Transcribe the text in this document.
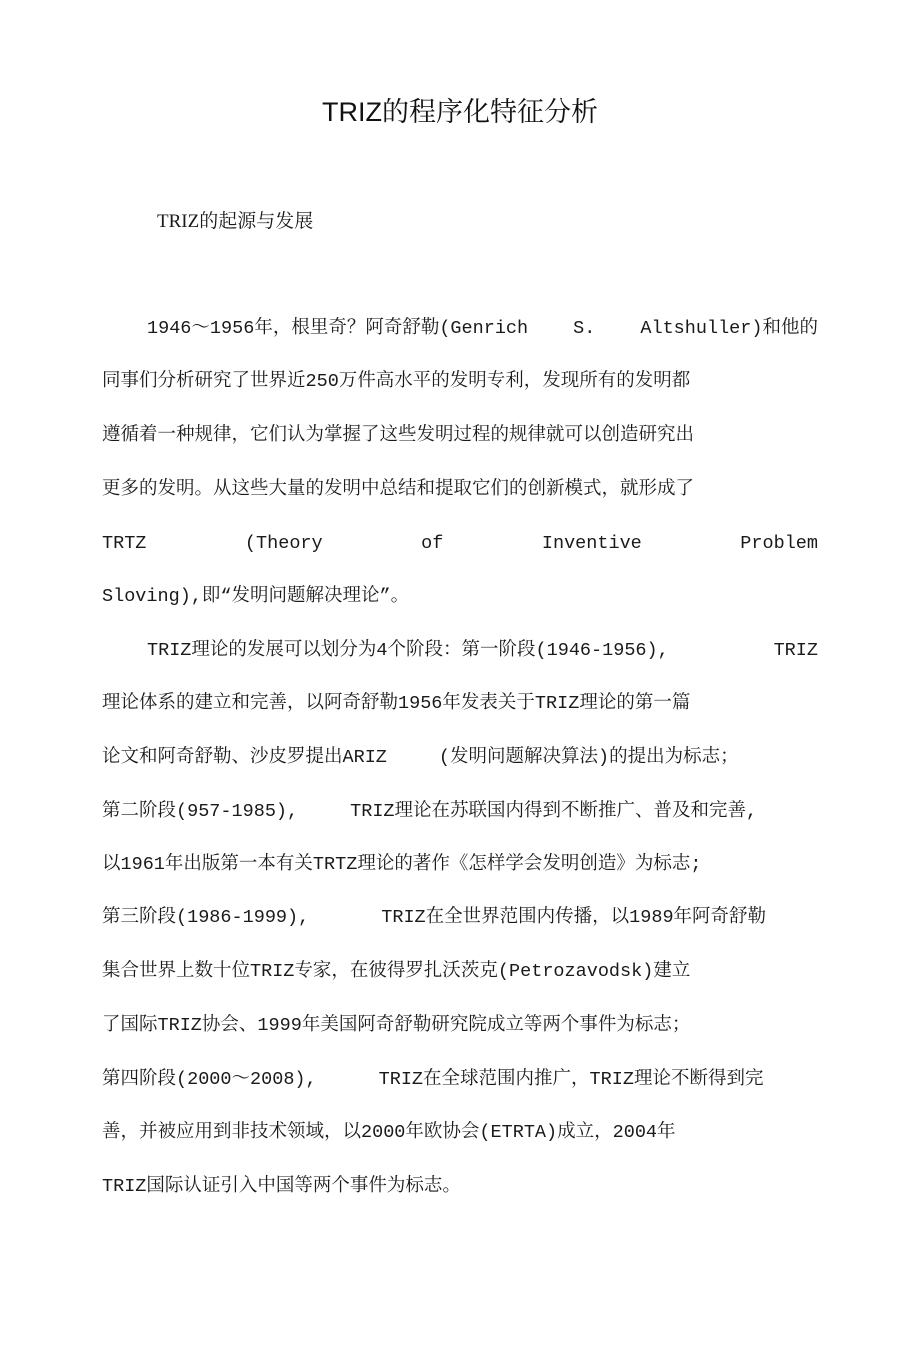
TRIZ的程序化特征分析
TRIZ的起源与发展
1946～1956年，根里奇？阿奇舒勒(Genrich S. Altshuller)和他的
同事们分析研究了世界近250万件高水平的发明专利，发现所有的发明都
遵循着一种规律，它们认为掌握了这些发明过程的规律就可以创造研究出
更多的发明。从这些大量的发明中总结和提取它们的创新模式，就形成了
TRTZ	(Theory	of	Inventive	Problem
Sloving),即“发明问题解决理论”。
TRIZ理论的发展可以划分为4个阶段：第一阶段(1946-1956),	TRIZ
理论体系的建立和完善，以阿奇舒勒1956年发表关于TRIZ理论的第一篇
论文和阿奇舒勒、沙皮罗提出ARIZ	(发明问题解决算法)的提出为标志；
第二阶段(957-1985),	TRIZ理论在苏联国内得到不断推广、普及和完善,
以1961年出版第一本有关TRTZ理论的著作《怎样学会发明创造》为标志;
第三阶段(1986-1999),	TRIZ在全世界范围内传播，以1989年阿奇舒勒
集合世界上数十位TRIZ专家，在彼得罗扎沃茨克(Petrozavodsk)建立
了国际TRIZ协会、1999年美国阿奇舒勒研究院成立等两个事件为标志；
第四阶段(2000～2008),	TRIZ在全球范围内推广，TRIZ理论不断得到完
善，并被应用到非技术领域，以2000年欧协会(ETRTA)成立，2004年
TRIZ国际认证引入中国等两个事件为标志。
